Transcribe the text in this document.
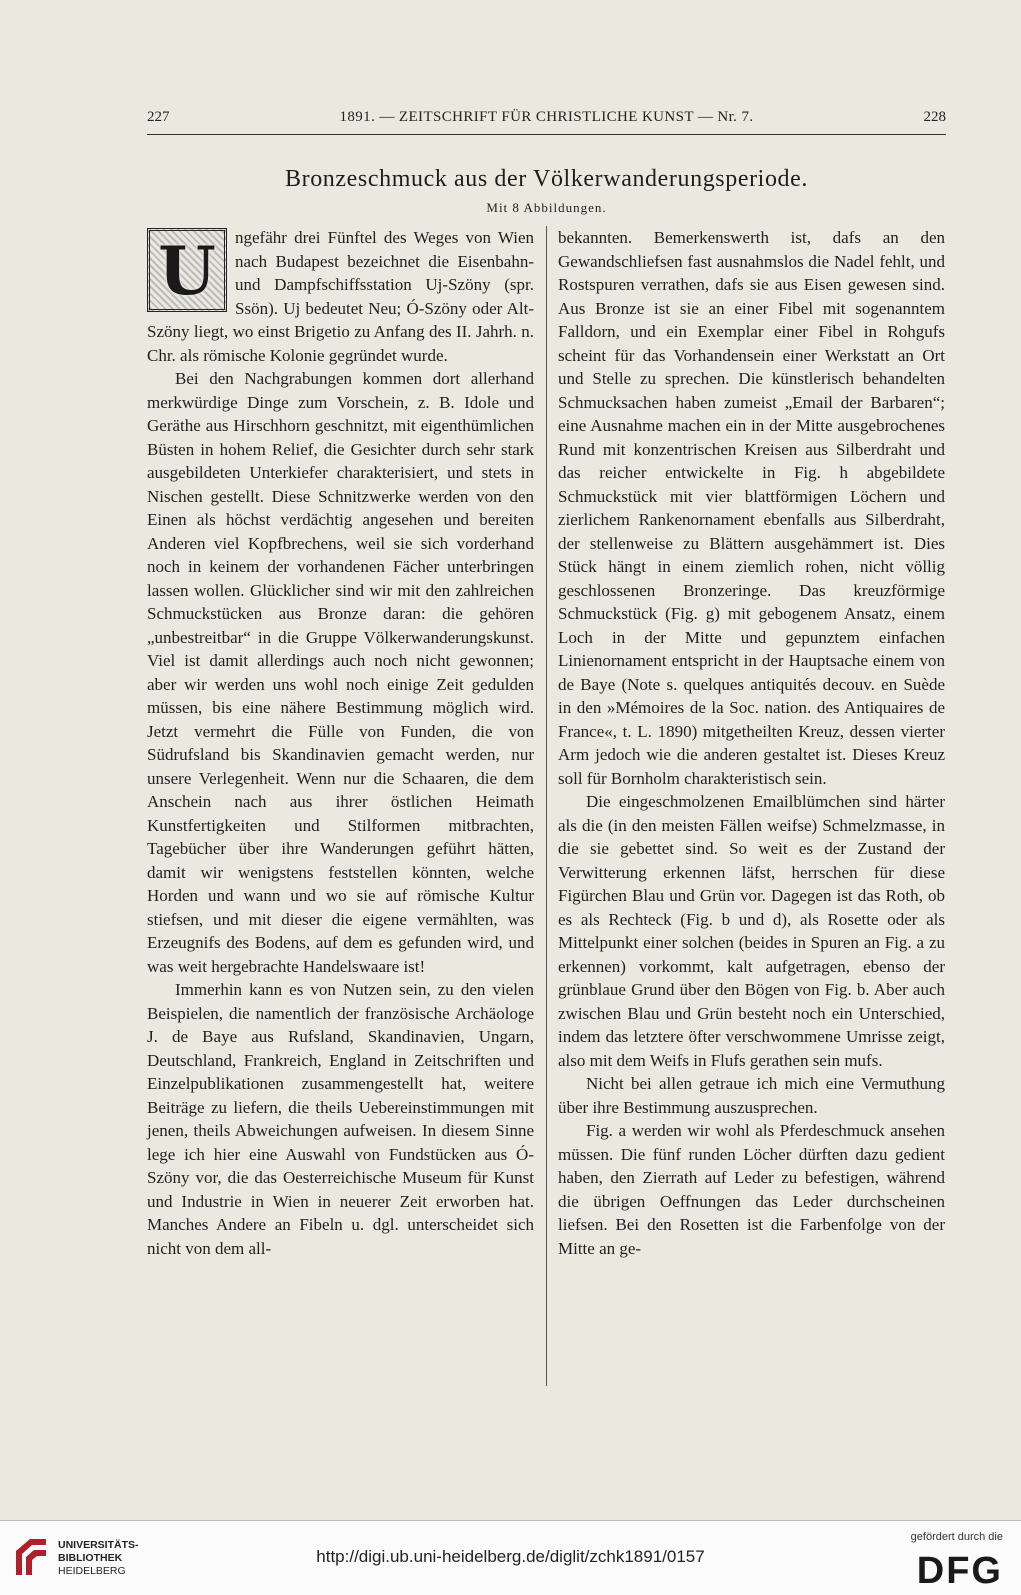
227	1891. — ZEITSCHRIFT FÜR CHRISTLICHE KUNST — Nr. 7.	228
Bronzeschmuck aus der Völkerwanderungsperiode.
Mit 8 Abbildungen.
U	ngefähr drei Fünftel des Weges von Wien nach Budapest bezeichnet die Eisenbahn- und Dampfschiffsstation Uj-Szöny (spr. Ssön). Uj bedeutet Neu; Ó-Szöny oder Alt-Szöny liegt, wo einst Brigetio zu Anfang des II. Jahrh. n. Chr. als römische Kolonie gegründet wurde.

Bei den Nachgrabungen kommen dort allerhand merkwürdige Dinge zum Vorschein, z. B. Idole und Geräthe aus Hirschhorn geschnitzt, mit eigenthümlichen Büsten in hohem Relief, die Gesichter durch sehr stark ausgebildeten Unterkiefer charakterisiert, und stets in Nischen gestellt. Diese Schnitzwerke werden von den Einen als höchst verdächtig angesehen und bereiten Anderen viel Kopfbrechens, weil sie sich vorderhand noch in keinem der vorhandenen Fächer unterbringen lassen wollen. Glücklicher sind wir mit den zahlreichen Schmuckstücken aus Bronze daran: die gehören „unbestreitbar“ in die Gruppe Völkerwanderungskunst. Viel ist damit allerdings auch noch nicht gewonnen; aber wir werden uns wohl noch einige Zeit gedulden müssen, bis eine nähere Bestimmung möglich wird. Jetzt vermehrt die Fülle von Funden, die von Südrufsland bis Skandinavien gemacht werden, nur unsere Verlegenheit. Wenn nur die Schaaren, die dem Anschein nach aus ihrer östlichen Heimath Kunstfertigkeiten und Stilformen mitbrachten, Tagebücher über ihre Wanderungen geführt hätten, damit wir wenigstens feststellen könnten, welche Horden und wann und wo sie auf römische Kultur stiefsen, und mit dieser die eigene vermählten, was Erzeugnifs des Bodens, auf dem es gefunden wird, und was weit hergebrachte Handelswaare ist!

Immerhin kann es von Nutzen sein, zu den vielen Beispielen, die namentlich der französische Archäologe J. de Baye aus Rufsland, Skandinavien, Ungarn, Deutschland, Frankreich, England in Zeitschriften und Einzelpublikationen zusammengestellt hat, weitere Beiträge zu liefern, die theils Uebereinstimmungen mit jenen, theils Abweichungen aufweisen. In diesem Sinne lege ich hier eine Auswahl von Fundstücken aus Ó-Szöny vor, die das Oesterreichische Museum für Kunst und Industrie in Wien in neuerer Zeit erworben hat. Manches Andere an Fibeln u. dgl. unterscheidet sich nicht von dem all-

bekannten. Bemerkenswerth ist, dafs an den Gewandschliefsen fast ausnahmslos die Nadel fehlt, und Rostspuren verrathen, dafs sie aus Eisen gewesen sind. Aus Bronze ist sie an einer Fibel mit sogenanntem Falldorn, und ein Exemplar einer Fibel in Rohgufs scheint für das Vorhandensein einer Werkstatt an Ort und Stelle zu sprechen. Die künstlerisch behandelten Schmucksachen haben zumeist „Email der Barbaren“; eine Ausnahme machen ein in der Mitte ausgebrochenes Rund mit konzentrischen Kreisen aus Silberdraht und das reicher entwickelte in Fig. h abgebildete Schmuckstück mit vier blattförmigen Löchern und zierlichem Rankenornament ebenfalls aus Silberdraht, der stellenweise zu Blättern ausgehämmert ist. Dies Stück hängt in einem ziemlich rohen, nicht völlig geschlossenen Bronzeringe. Das kreuzförmige Schmuckstück (Fig. g) mit gebogenem Ansatz, einem Loch in der Mitte und gepunztem einfachen Linienornament entspricht in der Hauptsache einem von de Baye (Note s. quelques antiquités decouv. en Suède in den »Mémoires de la Soc. nation. des Antiquaires de France«, t. L. 1890) mitgetheilten Kreuz, dessen vierter Arm jedoch wie die anderen gestaltet ist. Dieses Kreuz soll für Bornholm charakteristisch sein.

Die eingeschmolzenen Emailblümchen sind härter als die (in den meisten Fällen weifse) Schmelzmasse, in die sie gebettet sind. So weit es der Zustand der Verwitterung erkennen läfst, herrschen für diese Figürchen Blau und Grün vor. Dagegen ist das Roth, ob es als Rechteck (Fig. b und d), als Rosette oder als Mittelpunkt einer solchen (beides in Spuren an Fig. a zu erkennen) vorkommt, kalt aufgetragen, ebenso der grünblaue Grund über den Bögen von Fig. b. Aber auch zwischen Blau und Grün besteht noch ein Unterschied, indem das letztere öfter verschwommene Umrisse zeigt, also mit dem Weifs in Flufs gerathen sein mufs.

Nicht bei allen getraue ich mich eine Vermuthung über ihre Bestimmung auszusprechen.

Fig. a werden wir wohl als Pferdeschmuck ansehen müssen. Die fünf runden Löcher dürften dazu gedient haben, den Zierrath auf Leder zu befestigen, während die übrigen Oeffnungen das Leder durchscheinen liefsen. Bei den Rosetten ist die Farbenfolge von der Mitte an ge-

UNIVERSITÄTS-
BIBLIOTHEK
HEIDELBERG
http://digi.ub.uni-heidelberg.de/diglit/zchk1891/0157
gefördert durch die
DFG
